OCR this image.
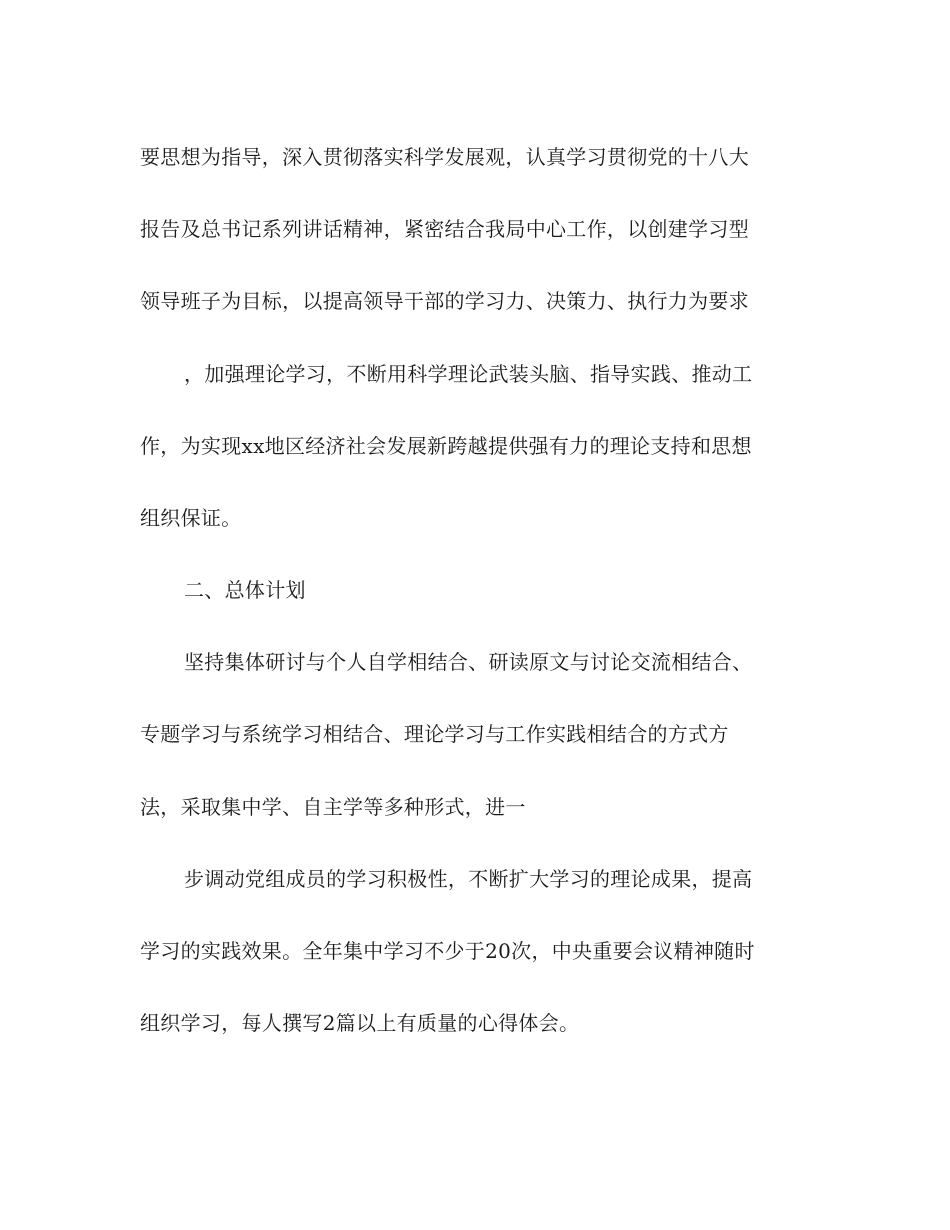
要思想为指导，深入贯彻落实科学发展观，认真学习贯彻党的十八大
报告及总书记系列讲话精神，紧密结合我局中心工作，以创建学习型
领导班子为目标，以提高领导干部的学习力、决策力、执行力为要求
，加强理论学习，不断用科学理论武装头脑、指导实践、推动工
作，为实现xx地区经济社会发展新跨越提供强有力的理论支持和思想
组织保证。
二、总体计划
坚持集体研讨与个人自学相结合、研读原文与讨论交流相结合、
专题学习与系统学习相结合、理论学习与工作实践相结合的方式方
法，采取集中学、自主学等多种形式，进一
步调动党组成员的学习积极性，不断扩大学习的理论成果，提高
学习的实践效果。全年集中学习不少于20次，中央重要会议精神随时
组织学习，每人撰写2篇以上有质量的心得体会。
